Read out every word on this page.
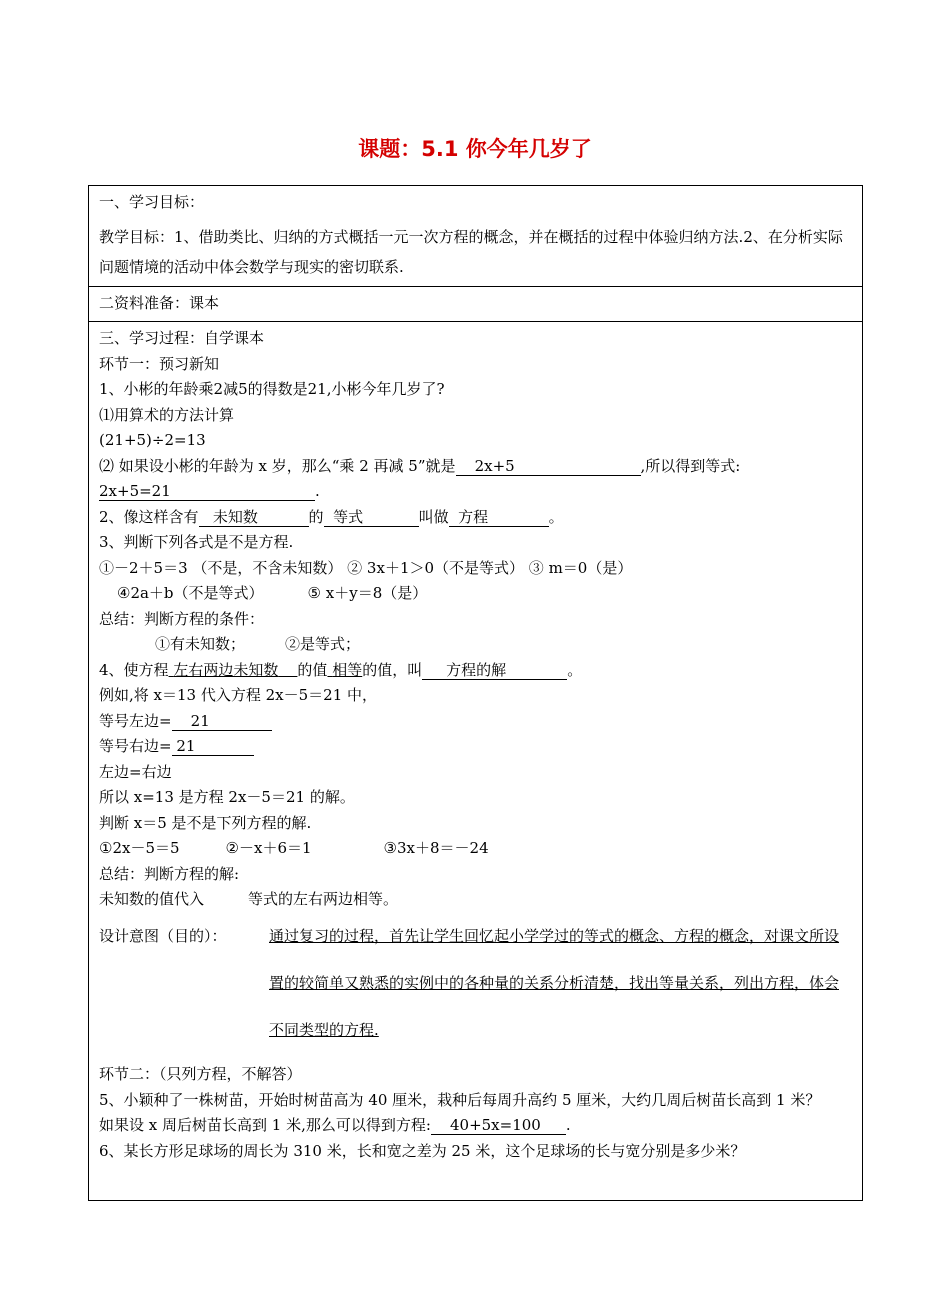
课题：5.1 你今年几岁了
一、学习目标：
教学目标：1、借助类比、归纳的方式概括一元一次方程的概念，并在概括的过程中体验归纳方法.2、在分析实际问题情境的活动中体会数学与现实的密切联系.

二资料准备：课本

三、学习过程：自学课本
环节一：预习新知
1、小彬的年龄乘2减5的得数是21,小彬今年几岁了?
⑴用算术的方法计算
(21+5)÷2=13
⑵ 如果设小彬的年龄为 x 岁，那么“乘 2 再减 5”就是 2x+5	,所以得到等式:
2x+5=21	.
2、像这样含有 未知数	的 等式	叫做 方程	。
3、判断下列各式是不是方程.
①－2＋5＝3 （不是，不含未知数） ② 3x＋1＞0（不是等式） ③ m＝0（是）
④2a＋b（不是等式）	⑤ x＋y＝8（是）
总结：判断方程的条件：
①有未知数；	②是等式；
4、使方程 左右两边未知数 的值 相等的值，叫 方程的解	。
例如,将 x＝13 代入方程 2x－5＝21 中，
等号左边= 21
等号右边= 21
左边=右边
所以 x=13 是方程 2x－5＝21 的解。
判断 x＝5 是不是下列方程的解.
①2x－5＝5	②－x＋6＝1	③3x＋8＝－24
总结：判断方程的解:
未知数的值代入	等式的左右两边相等。
设计意图（目的）：	通过复习的过程，首先让学生回忆起小学学过的等式的概念、方程的概念，对课文所设置的较简单又熟悉的实例中的各种量的关系分析清楚，找出等量关系，列出方程，体会不同类型的方程.
环节二：（只列方程，不解答）
5、小颖种了一株树苗，开始时树苗高为 40 厘米，栽种后每周升高约 5 厘米，大约几周后树苗长高到 1 米？
如果设 x 周后树苗长高到 1 米,那么可以得到方程: 40+5x=100 .
6、某长方形足球场的周长为 310 米，长和宽之差为 25 米，这个足球场的长与宽分别是多少米？
